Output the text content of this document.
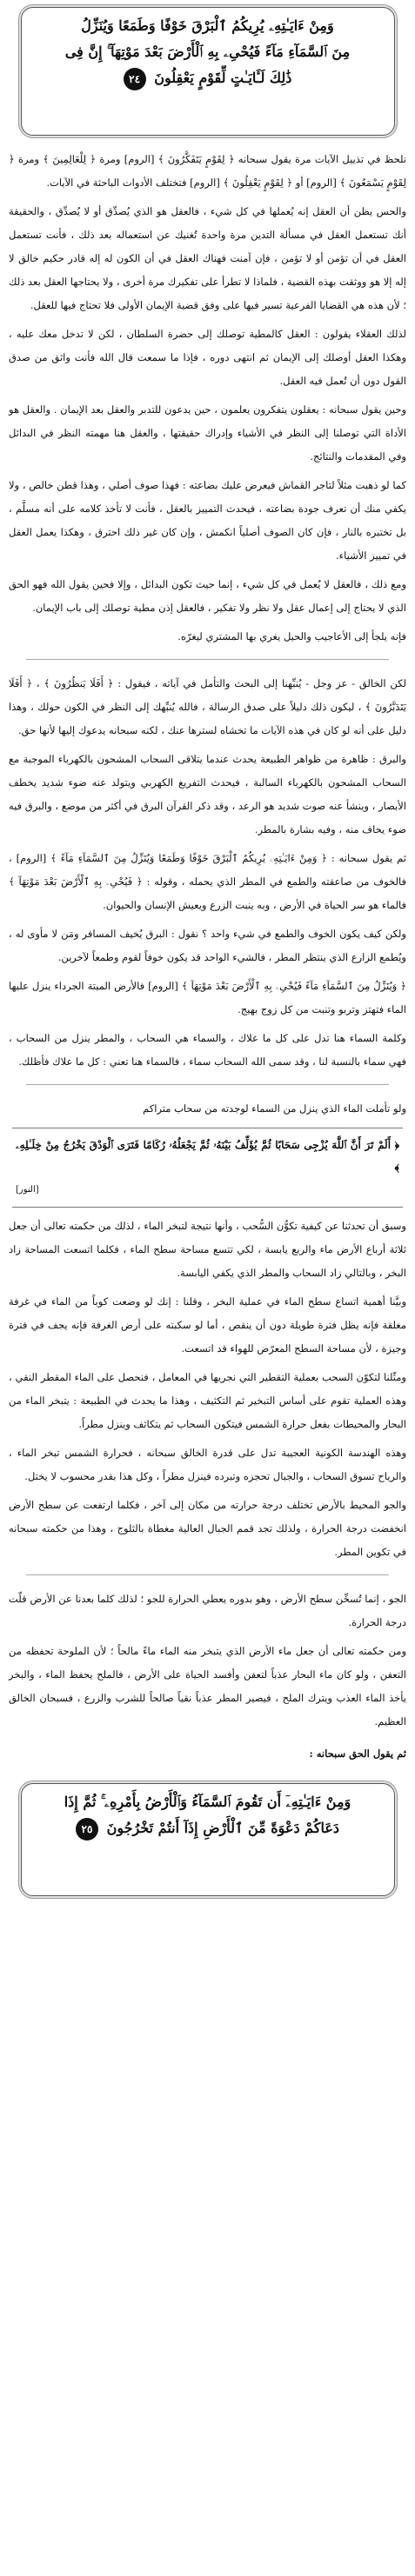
وَمِنْ ءَايَـٰتِهِۦ يُرِيكُمُ ٱلْبَرْقَ خَوْفًا وَطَمَعًا وَيُنَزِّلُ
مِنَ ٱلسَّمَآءِ مَآءً فَيُحْىِۦ بِهِ ٱلْأَرْضَ بَعْدَ مَوْتِهَآ ۚ إِنَّ فِى
ذَٰلِكَ لَـَٔايَـٰتٍ لِّقَوْمٍ يَعْقِلُونَ ٢٤

نلحظ في تذييل الآيات مرة يقول سبحانه ﴿ لِقَوْمٍ يَتَفَكَّرُونَ ﴾ [الروم] ومرة ﴿ لِلْعَالِمِينَ ﴾ ومرة ﴿ لِقَوْمٍ يَسْمَعُونَ ﴾ [الروم] أو ﴿ لِقَوْمٍ يَعْقِلُونَ ﴾ [الروم] فتختلف الأدوات الباحثة في الآيات.

والحس يظن أن العقل إنه يُعملها في كل شيء ، فالعقل هو الذي يُصدِّق أو لا يُصدِّق ، والحقيقة أنك تستعمل العقل في مسألة التدين مرة واحدة تُغنيك عن استعماله بعد ذلك ، فأنت تستعمل العقل في أن تؤمن أو لا تؤمن ، فإن آمنت فهناك العقل في أن الكون له إله قادر حكيم خالق لا إله إلا هو ووثقت بهذه القضية ، فلماذا لا تطرأ على تفكيرك مرة أخرى ، ولا يحتاجها العقل بعد ذلك ؛ لأن هذه هي القضايا الفرعية تسير فيها على وفق قضية الإيمان الأولى فلا تحتاج فيها للعقل.

لذلك العقلاء يقولون : العقل كالمطية توصلك إلى حضرة السلطان ، لكن لا تدخل معك عليه ، وهكذا العقل أوصلك إلى الإيمان ثم انتهى دوره ، فإذا ما سمعت قال الله فأنت واثق من صدق القول دون أن تُعمل فيه العقل.

وحين يقول سبحانه : يعقلون يتفكرون يعلمون ، حين يدعون للتدبر والعقل بعد الإيمان . والعقل هو الأداة التي توصلنا إلى النظر في الأشياء وإدراك حقيقتها ، والعقل هنا مهمته النظر في البدائل وفي المقدمات والنتائج.

كما لو ذهبت مثلاً لتاجر القماش فيعرض عليك بضاعته : فهذا صوف أصلي ، وهذا قطن خالص ، ولا يكفي منك أن تعرف جودة بضاعته ، فيحدث التمييز بالعقل ، فأنت لا تأخذ كلامه على أنه مسلَّم ، بل تختبره بالنار ، فإن كان الصوف أصلياً انكمش ، وإن كان غير ذلك احترق ، وهكذا يعمل العقل في تمييز الأشياء.

ومع ذلك ، فالعقل لا يُعمل في كل شيء ، إنما حيث تكون البدائل ، وإلا فحين يقول الله فهو الحق الذي لا يحتاج إلى إعمال عقل ولا نظر ولا تفكير ، فالعقل إذن مطية توصلك إلى باب الإيمان.

فإنه يلجأ إلى الأعاجيب والحيل يغري بها المشتري ليغرّه.

لكن الخالق - عز وجل - يُنبِّهنا إلى البحث والتأمل في آياته ، فيقول : ﴿ أَفَلَا يَنظُرُونَ ﴾ ، ﴿ أَفَلَا يَتَدَبَّرُونَ ﴾ ، ليكون ذلك دليلاً على صدق الرسالة ، فالله يُنبِّهك إلى النظر في الكون حولك ، وهذا دليل على أنه لو كان في هذه الآيات ما تخشاه لسترها عنك ، لكنه سبحانه يدعوك إليها لأنها حق.

والبرق : ظاهرة من ظواهر الطبيعة يحدث عندما يتلاقى السحاب المشحون بالكهرباء الموجبة مع السحاب المشحون بالكهرباء السالبة ، فيحدث التفريغ الكهربي ويتولد عنه ضوء شديد يخطف الأبصار ، وينشأ عنه صوت شديد هو الرعد ، وقد ذكر القرآن البرق في أكثر من موضع ، والبرق فيه ضوء يخاف منه ، وفيه بشارة بالمطر.

ثم يقول سبحانه : ﴿ وَمِنْ ءَايَـٰتِهِۦ يُرِيكُمُ ٱلْبَرْقَ خَوْفًا وَطَمَعًا وَيُنَزِّلُ مِنَ ٱلسَّمَآءِ مَآءً ﴾ [الروم] ، فالخوف من صاعقته والطمع في المطر الذي يحمله ، وقوله : ﴿ فَيُحْىِۦ بِهِ ٱلْأَرْضَ بَعْدَ مَوْتِهَآ ﴾ فالماء هو سر الحياة في الأرض ، وبه ينبت الزرع ويعيش الإنسان والحيوان.

ولكن كيف يكون الخوف والطمع في شيء واحد ؟ نقول : البرق يُخيف المسافر ومَن لا مأوى له ، ويُطمع الزارع الذي ينتظر المطر ، فالشيء الواحد قد يكون خوفاً لقوم وطمعاً لآخرين.

﴿ وَيُنَزِّلُ مِنَ ٱلسَّمَآءِ مَآءً فَيُحْىِۦ بِهِ ٱلْأَرْضَ بَعْدَ مَوْتِهَآ ﴾ [الروم] فالأرض الميتة الجرداء ينزل عليها الماء فتهتز وتربو وتنبت من كل زوج بهيج.

وكلمة السماء هنا تدل على كل ما علاك ، والسماء هي السحاب ، والمطر ينزل من السحاب ، فهي سماء بالنسبة لنا ، وقد سمى الله السحاب سماء ، فالسماء هنا تعني : كل ما علاك فأظلك.

ولو تأملت الماء الذي ينزل من السماء لوجدته من سحاب متراكم

﴿ أَلَمْ تَرَ أَنَّ ٱللَّهَ يُزْجِى سَحَابًا ثُمَّ يُؤَلِّفُ بَيْنَهُۥ ثُمَّ يَجْعَلُهُۥ رُكَامًا فَتَرَى ٱلْوَدْقَ يَخْرُجُ مِنْ خِلَـٰلِهِۦ ﴾
[النور]

وسبق أن تحدثنا عن كيفية تكوُّن السُّحب ، وأنها نتيجة لتبخر الماء ، لذلك من حكمته تعالى أن جعل ثلاثة أرباع الأرض ماء والربع يابسة ، لكي تتسع مساحة سطح الماء ، فكلما اتسعت المساحة زاد البخر ، وبالتالي زاد السحاب والمطر الذي يكفي اليابسة.

وبيَّنا أهمية اتساع سطح الماء في عملية البخر ، وقلنا : إنك لو وضعت كوباً من الماء في غرفة مغلقة فإنه يظل فترة طويلة دون أن ينقص ، أما لو سكبته على أرض الغرفة فإنه يجف في فترة وجيزة ، لأن مساحة السطح المعرّض للهواء قد اتسعت.

ومثّلنا لتكوّن السحب بعملية التقطير التي نجريها في المعامل ، فنحصل على الماء المقطر النقي ، وهذه العملية تقوم على أساس التبخير ثم التكثيف ، وهذا ما يحدث في الطبيعة : يتبخر الماء من البحار والمحيطات بفعل حرارة الشمس فيتكون السحاب ثم يتكاثف وينزل مطراً.

وهذه الهندسة الكونية العجيبة تدل على قدرة الخالق سبحانه ، فحرارة الشمس تبخر الماء ، والرياح تسوق السحاب ، والجبال تحجزه وتبرده فينزل مطراً ، وكل هذا بقدر محسوب لا يختل.

والجو المحيط بالأرض تختلف درجة حرارته من مكان إلى آخر ، فكلما ارتفعت عن سطح الأرض انخفضت درجة الحرارة ، ولذلك تجد قمم الجبال العالية مغطاة بالثلوج ، وهذا من حكمته سبحانه في تكوين المطر.

الجو ، إنما تُسخِّن سطح الأرض ، وهو بدوره يعطي الحرارة للجو ؛ لذلك كلما بعدنا عن الأرض قلّت درجة الحرارة.

ومن حكمته تعالى أن جعل ماء الأرض الذي يتبخر منه الماء ماءً مالحاً ؛ لأن الملوحة تحفظه من التعفن ، ولو كان ماء البحار عذباً لتعفن وأفسد الحياة على الأرض ، فالملح يحفظ الماء ، والبخر يأخذ الماء العذب ويترك الملح ، فيصير المطر عذباً نقياً صالحاً للشرب والزرع ، فسبحان الخالق العظيم.

ثم يقول الحق سبحانه :
وَمِنْ ءَايَـٰتِهِۦٓ أَن تَقُومَ ٱلسَّمَآءُ وَٱلْأَرْضُ بِأَمْرِهِۦ ۚ ثُمَّ إِذَا
دَعَاكُمْ دَعْوَةً مِّنَ ٱلْأَرْضِ إِذَآ أَنتُمْ تَخْرُجُونَ ٢٥
